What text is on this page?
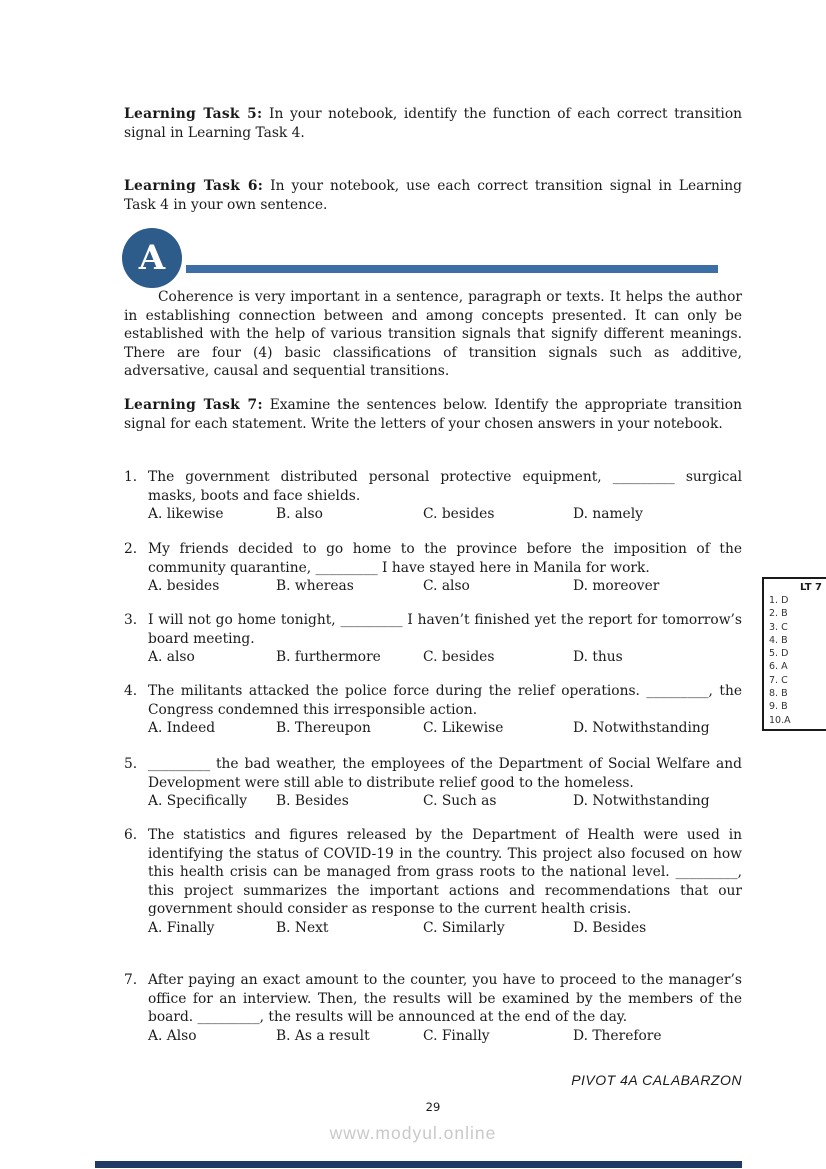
Learning Task 5: In your notebook, identify the function of each correct transition signal in Learning Task 4.

Learning Task 6: In your notebook, use each correct transition signal in Learning Task 4 in your own sentence.

A

Coherence is very important in a sentence, paragraph or texts. It helps the author in establishing connection between and among concepts presented. It can only be established with the help of various transition signals that signify different meanings. There are four (4) basic classifications of transition signals such as additive, adversative, causal and sequential transitions.

Learning Task 7: Examine the sentences below. Identify the appropriate transition signal for each statement. Write the letters of your chosen answers in your notebook.

1. The government distributed personal protective equipment, _________ surgical masks, boots and face shields.

A. likewise	B. also	C. besides	D. namely
2. My friends decided to go home to the province before the imposition of the community quarantine, _________ I have stayed here in Manila for work.

A. besides	B. whereas	C. also	D. moreover
3. I will not go home tonight, _________ I haven’t finished yet the report for tomorrow’s board meeting.

A. also	B. furthermore	C. besides	D. thus
4. The militants attacked the police force during the relief operations. _________, the Congress condemned this irresponsible action.

A. Indeed	B. Thereupon	C. Likewise	D. Notwithstanding
5. _________ the bad weather, the employees of the Department of Social Welfare and Development were still able to distribute relief good to the homeless.

A. Specifically	B. Besides	C. Such as	D. Notwithstanding
6. The statistics and figures released by the Department of Health were used in identifying the status of COVID-19 in the country. This project also focused on how this health crisis can be managed from grass roots to the national level. _________, this project summarizes the important actions and recommendations that our government should consider as response to the current health crisis.

A. Finally	B. Next	C. Similarly	D. Besides
7. After paying an exact amount to the counter, you have to proceed to the manager’s office for an interview. Then, the results will be examined by the members of the board. _________, the results will be announced at the end of the day.

A. Also	B. As a result	C. Finally	D. Therefore
LT 7
1. D
2. B
3. C
4. B
5. D
6. A
7. C
8. B
9. B
10.A
PIVOT 4A CALABARZON
29
www.modyul.online
